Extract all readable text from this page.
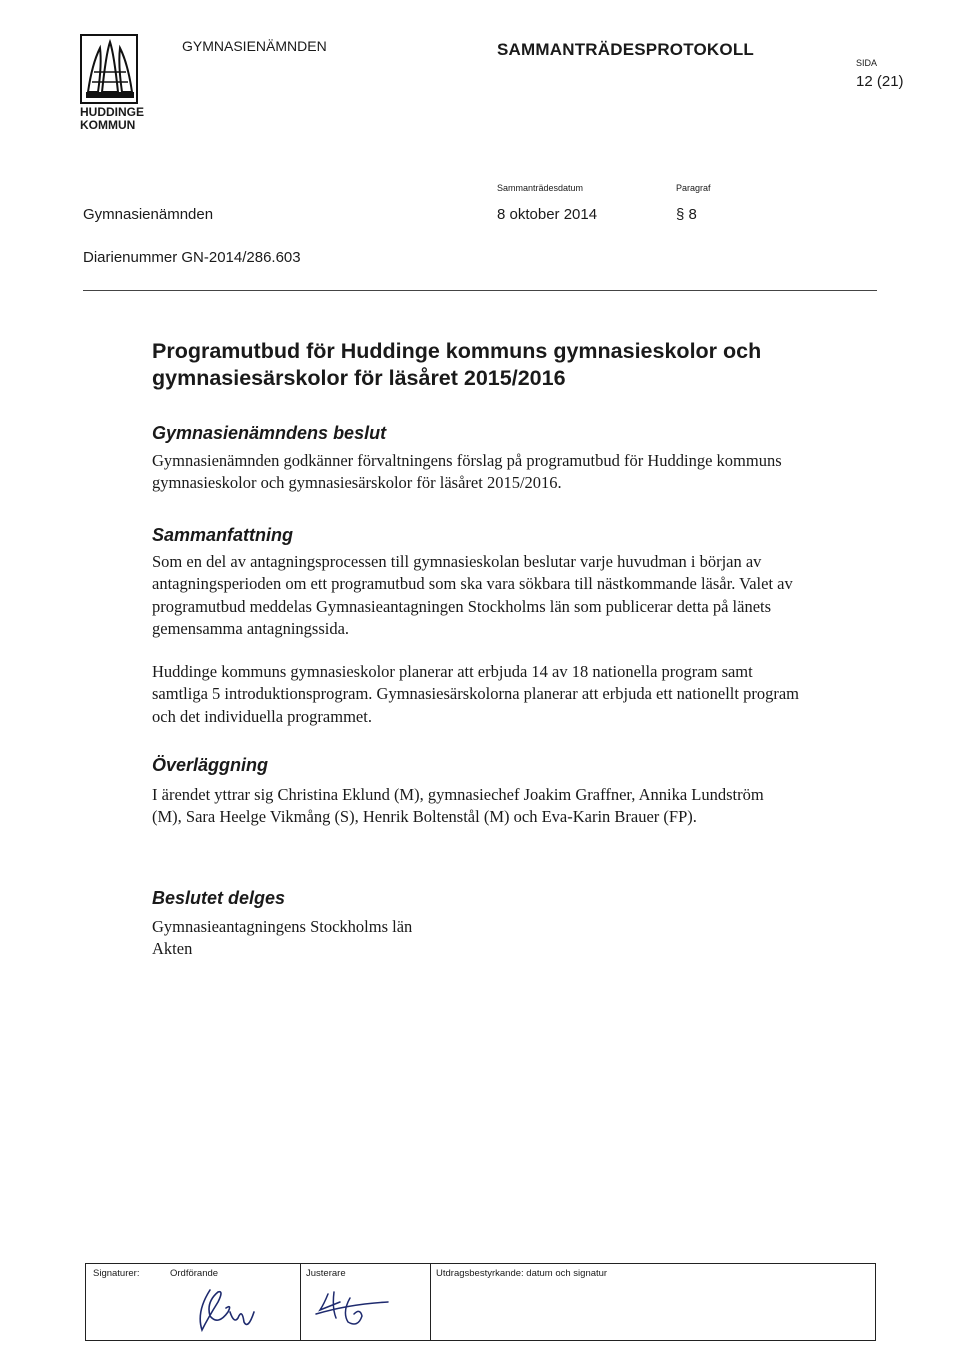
HUDDINGE KOMMUN
GYMNASIENÄMNDEN	SAMMANTRÄDESPROTOKOLL
SIDA
12 (21)
Sammanträdesdatum	Paragraf
Gymnasienämnden	8 oktober 2014	§ 8
Diarienummer GN-2014/286.603
Programutbud för Huddinge kommuns gymnasieskolor och
gymnasiesärskolor för läsåret 2015/2016
Gymnasienämndens beslut
Gymnasienämnden godkänner förvaltningens förslag på programutbud för Huddinge kommuns gymnasieskolor och gymnasiesärskolor för läsåret 2015/2016.
Sammanfattning
Som en del av antagningsprocessen till gymnasieskolan beslutar varje huvudman i början av antagningsperioden om ett programutbud som ska vara sökbara till nästkommande läsår. Valet av programutbud meddelas Gymnasieantagningen Stockholms län som publicerar detta på länets gemensamma antagningssida.
Huddinge kommuns gymnasieskolor planerar att erbjuda 14 av 18 nationella program samt samtliga 5 introduktionsprogram. Gymnasiesärskolorna planerar att erbjuda ett nationellt program och det individuella programmet.
Överläggning
I ärendet yttrar sig Christina Eklund (M), gymnasiechef Joakim Graffner, Annika Lundström (M), Sara Heelge Vikmång (S), Henrik Boltenstål (M) och Eva-Karin Brauer (FP).
Beslutet delges
Gymnasieantagningens Stockholms län
Akten
Signaturer:	Ordförande	Justerare	Utdragsbestyrkande: datum och signatur
